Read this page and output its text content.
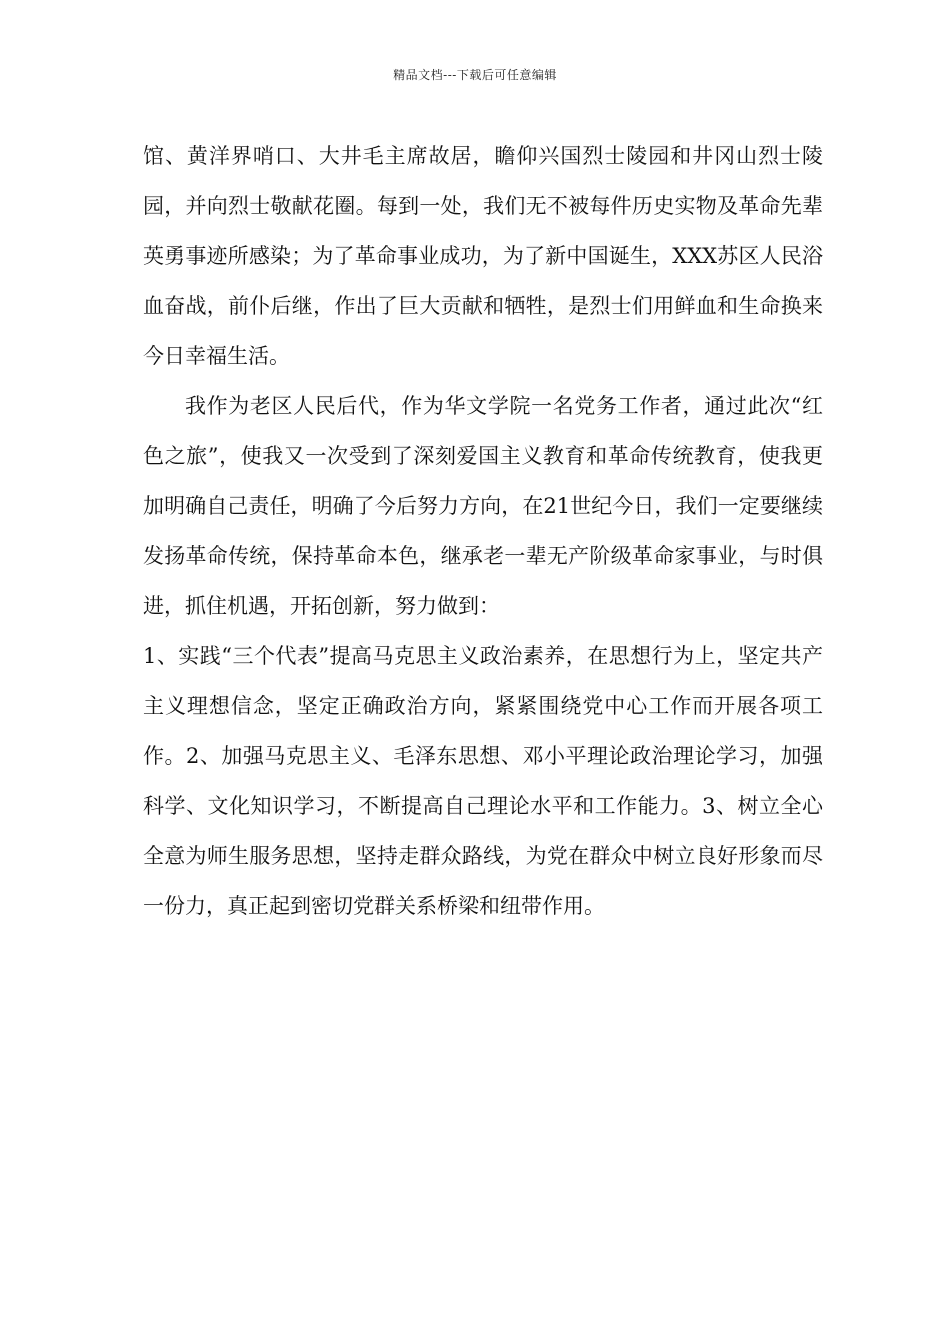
精品文档---下载后可任意编辑

馆、黄洋界哨口、大井毛主席故居，瞻仰兴国烈士陵园和井冈山烈士陵园，并向烈士敬献花圈。每到一处，我们无不被每件历史实物及革命先辈英勇事迹所感染；为了革命事业成功，为了新中国诞生，XXX苏区人民浴血奋战，前仆后继，作出了巨大贡献和牺牲，是烈士们用鲜血和生命换来今日幸福生活。

我作为老区人民后代，作为华文学院一名党务工作者，通过此次“红色之旅”，使我又一次受到了深刻爱国主义教育和革命传统教育，使我更加明确自己责任，明确了今后努力方向，在21世纪今日，我们一定要继续发扬革命传统，保持革命本色，继承老一辈无产阶级革命家事业，与时俱进，抓住机遇，开拓创新，努力做到：

1、实践“三个代表”提高马克思主义政治素养，在思想行为上，坚定共产主义理想信念，坚定正确政治方向，紧紧围绕党中心工作而开展各项工作。2、加强马克思主义、毛泽东思想、邓小平理论政治理论学习，加强科学、文化知识学习，不断提高自己理论水平和工作能力。3、树立全心全意为师生服务思想，坚持走群众路线，为党在群众中树立良好形象而尽一份力，真正起到密切党群关系桥梁和纽带作用。
